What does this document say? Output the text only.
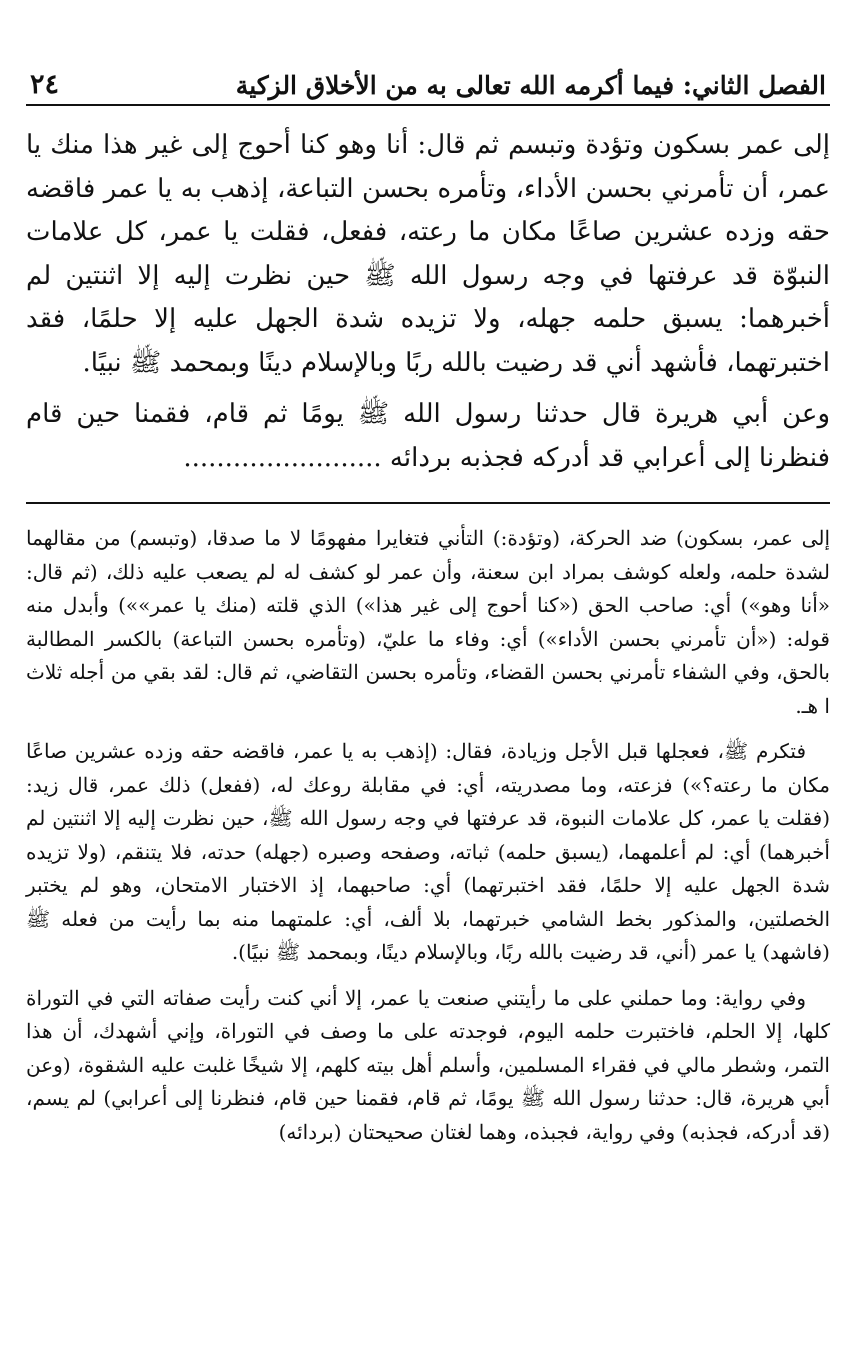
الفصل الثاني: فيما أكرمه الله تعالى به من الأخلاق الزكية
٢٤

إلى عمر بسكون وتؤدة وتبسم ثم قال: أنا وهو كنا أحوج إلى غير هذا منك يا عمر، أن تأمرني بحسن الأداء، وتأمره بحسن التباعة، إذهب به يا عمر فاقضه حقه وزده عشرين صاعًا مكان ما رعته، ففعل، فقلت يا عمر، كل علامات النبوّة قد عرفتها في وجه رسول الله ﷺ حين نظرت إليه إلا اثنتين لم أخبرهما: يسبق حلمه جهله، ولا تزيده شدة الجهل عليه إلا حلمًا، فقد اختبرتهما، فأشهد أني قد رضيت بالله ربًا وبالإسلام دينًا وبمحمد ﷺ نبيًا.

وعن أبي هريرة قال حدثنا رسول الله ﷺ يومًا ثم قام، فقمنا حين قام فنظرنا إلى أعرابي قد أدركه فجذبه بردائه ........................

إلى عمر، بسكون) ضد الحركة، (وتؤدة:) التأني فتغايرا مفهومًا لا ما صدقا، (وتبسم) من مقالهما لشدة حلمه، ولعله كوشف بمراد ابن سعنة، وأن عمر لو كشف له لم يصعب عليه ذلك، (ثم قال: «أنا وهو») أي: صاحب الحق («كنا أحوج إلى غير هذا») الذي قلته (منك يا عمر»») وأبدل منه قوله: («أن تأمرني بحسن الأداء») أي: وفاء ما عليّ، (وتأمره بحسن التباعة) بالكسر المطالبة بالحق، وفي الشفاء تأمرني بحسن القضاء، وتأمره بحسن التقاضي، ثم قال: لقد بقي من أجله ثلاث ا هـ.

فتكرم ﷺ، فعجلها قبل الأجل وزيادة، فقال: (إذهب به يا عمر، فاقضه حقه وزده عشرين صاعًا مكان ما رعته؟») فزعته، وما مصدريته، أي: في مقابلة روعك له، (ففعل) ذلك عمر، قال زيد: (فقلت يا عمر، كل علامات النبوة، قد عرفتها في وجه رسول الله ﷺ، حين نظرت إليه إلا اثنتين لم أخبرهما) أي: لم أعلمهما، (يسبق حلمه) ثباته، وصفحه وصبره (جهله) حدته، فلا يتنقم، (ولا تزيده شدة الجهل عليه إلا حلمًا، فقد اختبرتهما) أي: صاحبهما، إذ الاختبار الامتحان، وهو لم يختبر الخصلتين، والمذكور بخط الشامي خبرتهما، بلا ألف، أي: علمتهما منه بما رأيت من فعله ﷺ (فاشهد) يا عمر (أني، قد رضيت بالله ربًا، وبالإسلام دينًا، وبمحمد ﷺ نبيًا).

وفي رواية: وما حملني على ما رأيتني صنعت يا عمر، إلا أني كنت رأيت صفاته التي في التوراة كلها، إلا الحلم، فاختبرت حلمه اليوم، فوجدته على ما وصف في التوراة، وإني أشهدك، أن هذا التمر، وشطر مالي في فقراء المسلمين، وأسلم أهل بيته كلهم، إلا شيخًا غلبت عليه الشقوة، (وعن أبي هريرة، قال: حدثنا رسول الله ﷺ يومًا، ثم قام، فقمنا حين قام، فنظرنا إلى أعرابي) لم يسم، (قد أدركه، فجذبه) وفي رواية، فجبذه، وهما لغتان صحيحتان (بردائه)
